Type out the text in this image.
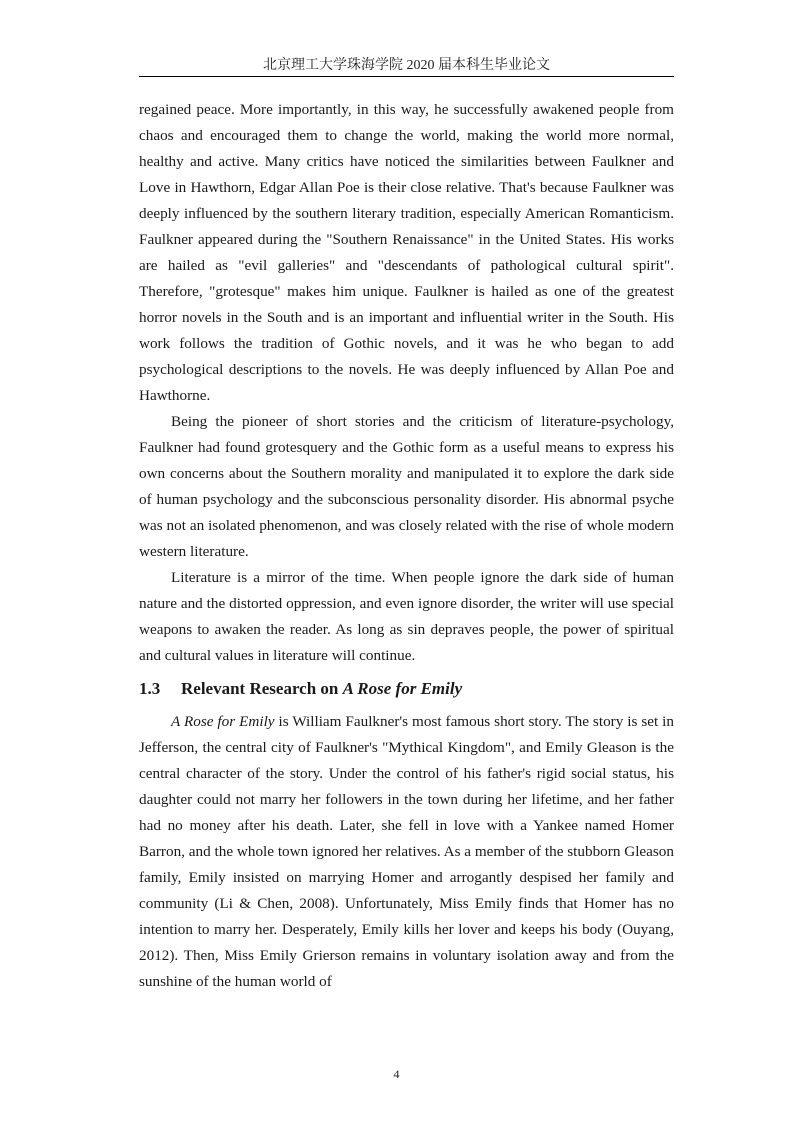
北京理工大学珠海学院 2020 届本科生毕业论文

regained peace. More importantly, in this way, he successfully awakened people from chaos and encouraged them to change the world, making the world more normal, healthy and active. Many critics have noticed the similarities between Faulkner and Love in Hawthorn, Edgar Allan Poe is their close relative. That's because Faulkner was deeply influenced by the southern literary tradition, especially American Romanticism. Faulkner appeared during the "Southern Renaissance" in the United States. His works are hailed as "evil galleries" and "descendants of pathological cultural spirit". Therefore, "grotesque" makes him unique. Faulkner is hailed as one of the greatest horror novels in the South and is an important and influential writer in the South. His work follows the tradition of Gothic novels, and it was he who began to add psychological descriptions to the novels. He was deeply influenced by Allan Poe and Hawthorne.

Being the pioneer of short stories and the criticism of literature-psychology, Faulkner had found grotesquery and the Gothic form as a useful means to express his own concerns about the Southern morality and manipulated it to explore the dark side of human psychology and the subconscious personality disorder. His abnormal psyche was not an isolated phenomenon, and was closely related with the rise of whole modern western literature.

Literature is a mirror of the time. When people ignore the dark side of human nature and the distorted oppression, and even ignore disorder, the writer will use special weapons to awaken the reader. As long as sin depraves people, the power of spiritual and cultural values in literature will continue.

1.3 Relevant Research on A Rose for Emily

A Rose for Emily is William Faulkner's most famous short story. The story is set in Jefferson, the central city of Faulkner's "Mythical Kingdom", and Emily Gleason is the central character of the story. Under the control of his father's rigid social status, his daughter could not marry her followers in the town during her lifetime, and her father had no money after his death. Later, she fell in love with a Yankee named Homer Barron, and the whole town ignored her relatives. As a member of the stubborn Gleason family, Emily insisted on marrying Homer and arrogantly despised her family and community (Li & Chen, 2008). Unfortunately, Miss Emily finds that Homer has no intention to marry her. Desperately, Emily kills her lover and keeps his body (Ouyang, 2012). Then, Miss Emily Grierson remains in voluntary isolation away and from the sunshine of the human world of

4
